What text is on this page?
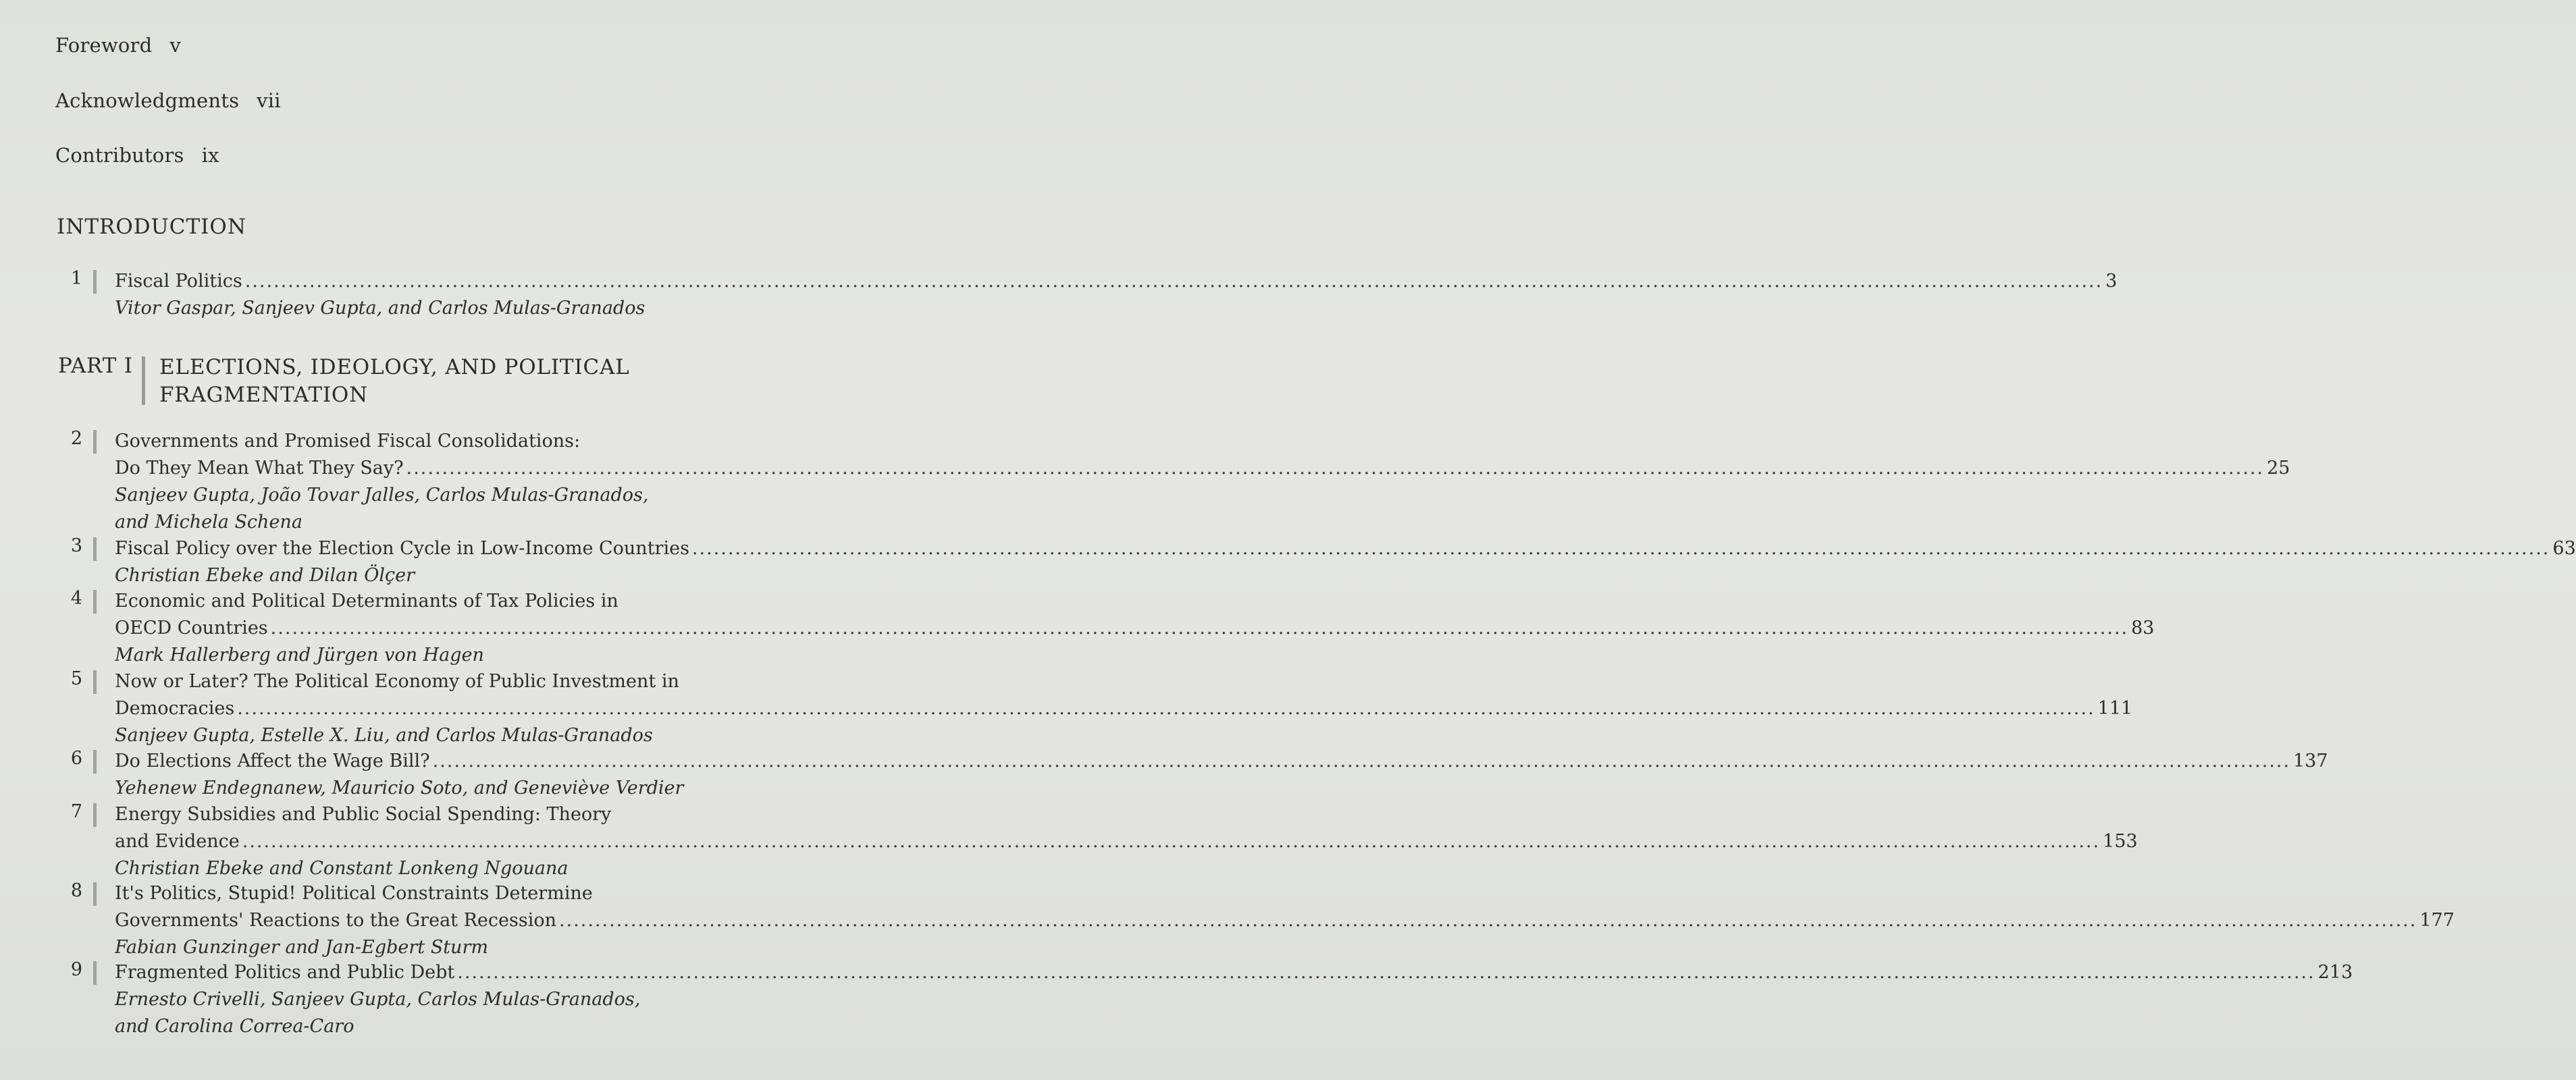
Foreword v
Acknowledgments vii
Contributors ix
INTRODUCTION
PART I ELECTIONS, IDEOLOGY, AND POLITICAL
FRAGMENTATION
1 Fiscal Politics .................................................................................................................................................................................................................................................................... 3
Vitor Gaspar, Sanjeev Gupta, and Carlos Mulas-Granados
2 Governments and Promised Fiscal Consolidations:
Do They Mean What They Say? .................................................................................................................................................................................................................................................................... 25
Sanjeev Gupta, João Tovar Jalles, Carlos Mulas-Granados,
and Michela Schena
3 Fiscal Policy over the Election Cycle in Low-Income Countries .................................................................................................................................................................................................................................................................... 63
Christian Ebeke and Dilan Ölçer
4 Economic and Political Determinants of Tax Policies in
OECD Countries .................................................................................................................................................................................................................................................................... 83
Mark Hallerberg and Jürgen von Hagen
5 Now or Later? The Political Economy of Public Investment in
Democracies .................................................................................................................................................................................................................................................................... 111
Sanjeev Gupta, Estelle X. Liu, and Carlos Mulas-Granados
6 Do Elections Affect the Wage Bill? .................................................................................................................................................................................................................................................................... 137
Yehenew Endegnanew, Mauricio Soto, and Geneviève Verdier
7 Energy Subsidies and Public Social Spending: Theory
and Evidence .................................................................................................................................................................................................................................................................... 153
Christian Ebeke and Constant Lonkeng Ngouana
8 It's Politics, Stupid! Political Constraints Determine
Governments' Reactions to the Great Recession .................................................................................................................................................................................................................................................................... 177
Fabian Gunzinger and Jan-Egbert Sturm
9 Fragmented Politics and Public Debt .................................................................................................................................................................................................................................................................... 213
Ernesto Crivelli, Sanjeev Gupta, Carlos Mulas-Granados,
and Carolina Correa-Caro
